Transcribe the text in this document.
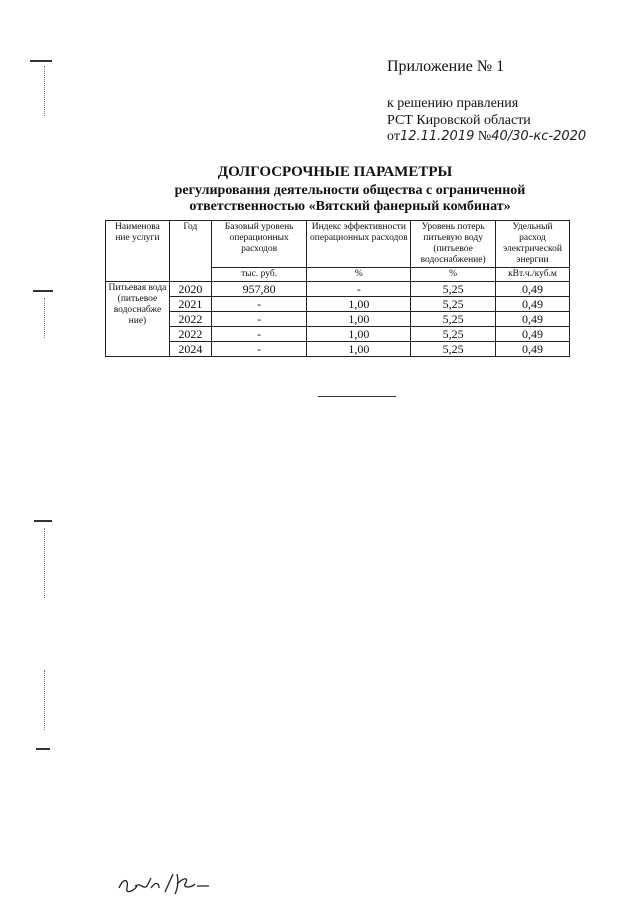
Приложение № 1
к решению правления
РСТ Кировской области
от12.11.2019 №40/30-кс-2020
ДОЛГОСРОЧНЫЕ ПАРАМЕТРЫ
регулирования деятельности общества с ограниченной
ответственностью «Вятский фанерный комбинат»
Наименова ние услуги	Год	Базовый уровень операционных расходов	Индекс эффективности операционных расходов	Уровень потерь питьевую воду (питьевое водоснабжение)	Удельный расход электрической энергии
		тыс. руб.	%	%	кВт.ч./куб.м
Питьевая вода (питьевое водоснабже ние)	2020	957,80	-	5,25	0,49
	2021	-	1,00	5,25	0,49
	2022	-	1,00	5,25	0,49
	2022	-	1,00	5,25	0,49
	2024	-	1,00	5,25	0,49
